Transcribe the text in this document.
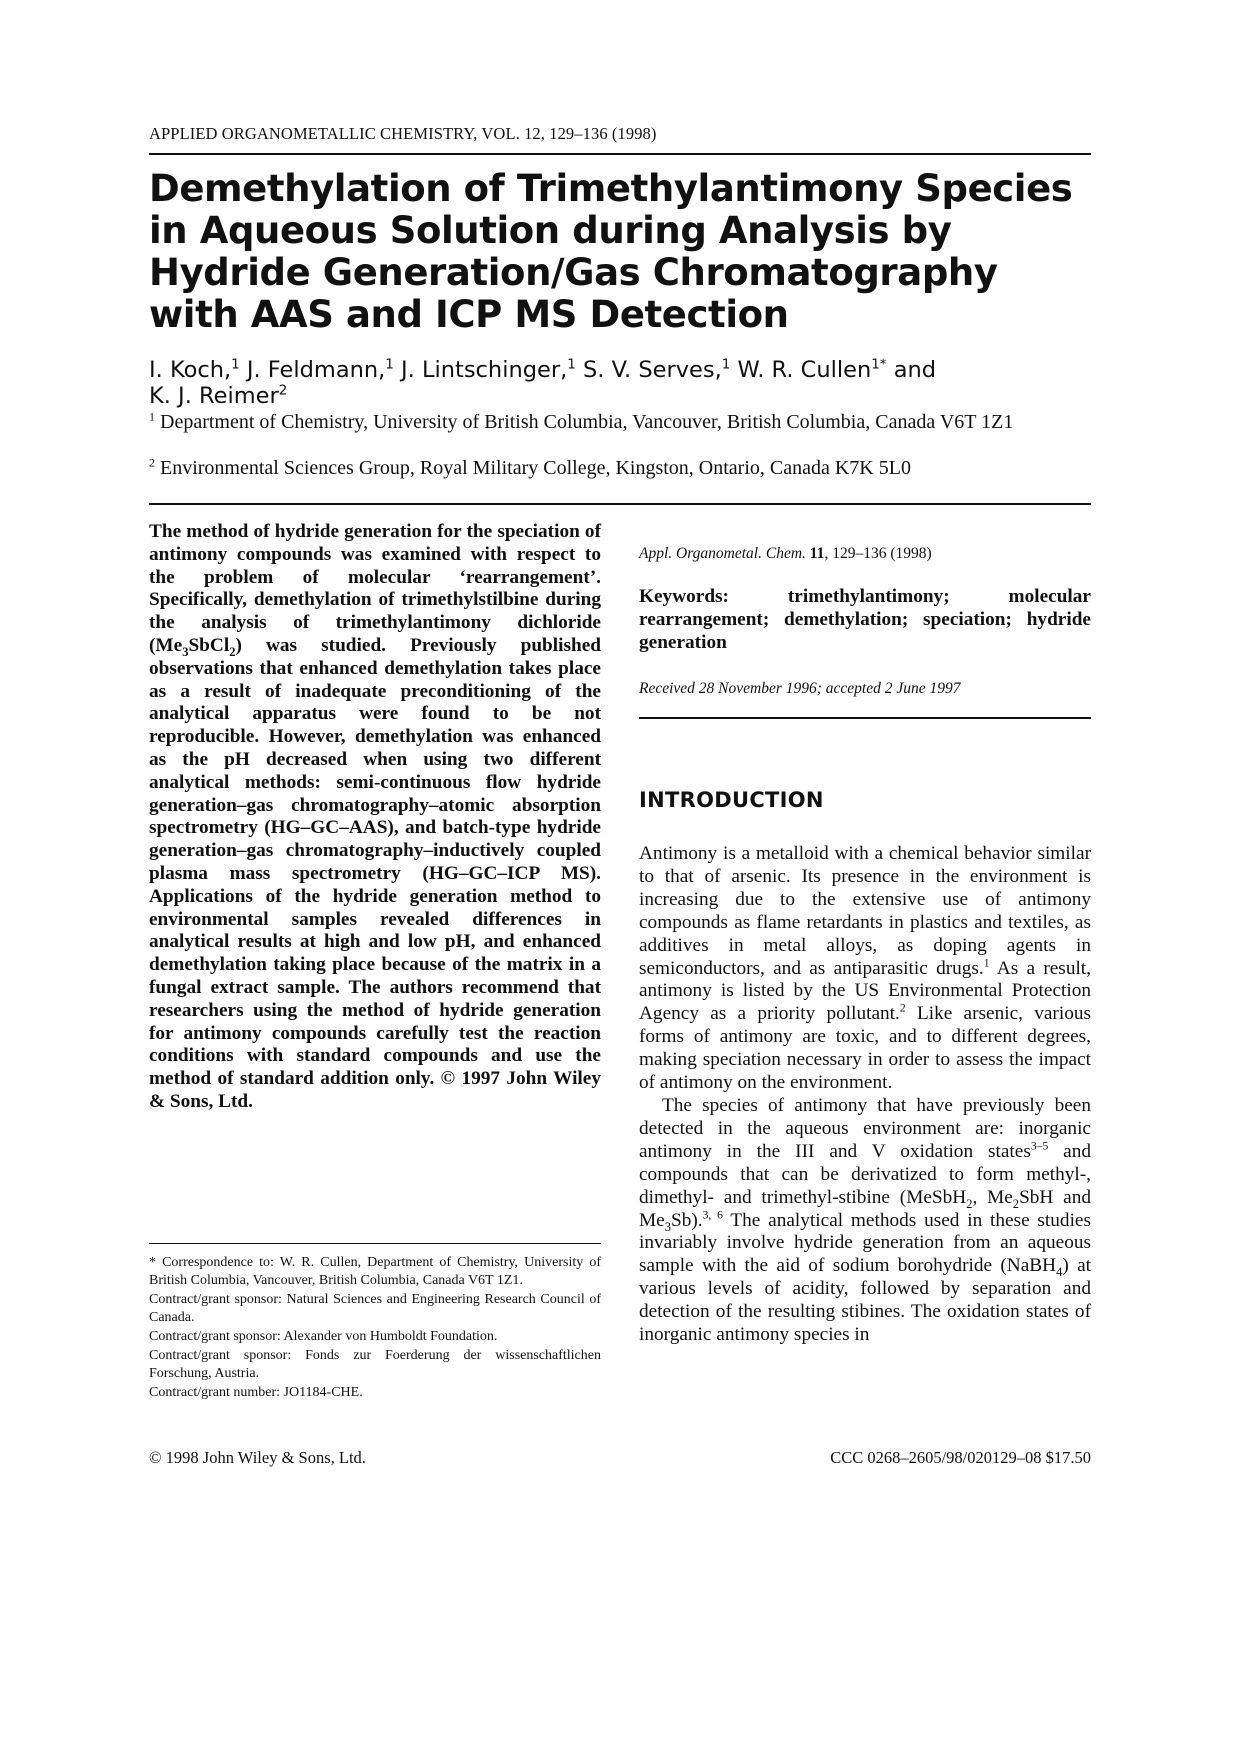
APPLIED ORGANOMETALLIC CHEMISTRY, VOL. 12, 129–136 (1998)
Demethylation of Trimethylantimony Species in Aqueous Solution during Analysis by Hydride Generation/Gas Chromatography with AAS and ICP MS Detection
I. Koch,$^1$ J. Feldmann,$^1$ J. Lintschinger,$^1$ S. V. Serves,$^1$ W. R. Cullen$^{1*}$ and
K. J. Reimer$^2$
$^1$ Department of Chemistry, University of British Columbia, Vancouver, British Columbia, Canada V6T 1Z1
$^2$ Environmental Sciences Group, Royal Military College, Kingston, Ontario, Canada K7K 5L0

The method of hydride generation for the speciation of antimony compounds was examined with respect to the problem of molecular ‘rearrangement’. Specifically, demethylation of trimethylstilbine during the analysis of trimethylantimony dichloride $(Me_3SbCl_2)$ was studied. Previously published observations that enhanced demethylation takes place as a result of inadequate preconditioning of the analytical apparatus were found to be not reproducible. However, demethylation was enhanced as the pH decreased when using two different analytical methods: semi-continuous flow hydride generation–gas chromatography–atomic absorption spectrometry (HG–GC–AAS), and batch-type hydride generation–gas chromatography–inductively coupled plasma mass spectrometry (HG–GC–ICP MS). Applications of the hydride generation method to environmental samples revealed differences in analytical results at high and low pH, and enhanced demethylation taking place because of the matrix in a fungal extract sample. The authors recommend that researchers using the method of hydride generation for antimony compounds carefully test the reaction conditions with standard compounds and use the method of standard addition only. © 1997 John Wiley & Sons, Ltd.

* Correspondence to: W. R. Cullen, Department of Chemistry, University of British Columbia, Vancouver, British Columbia, Canada V6T 1Z1.

Contract/grant sponsor: Natural Sciences and Engineering Research Council of Canada.

Contract/grant sponsor: Alexander von Humboldt Foundation.

Contract/grant sponsor: Fonds zur Foerderung der wissenschaftlichen Forschung, Austria.

Contract/grant number: JO1184-CHE.

© 1998 John Wiley & Sons, Ltd.	CCC 0268–2605/98/020129–08 $17.50
Appl. Organometal. Chem. 11, 129–136 (1998)
Keywords: trimethylantimony; molecular rearrangement; demethylation; speciation; hydride generation
Received 28 November 1996; accepted 2 June 1997
INTRODUCTION

Antimony is a metalloid with a chemical behavior similar to that of arsenic. Its presence in the environment is increasing due to the extensive use of antimony compounds as flame retardants in plastics and textiles, as additives in metal alloys, as doping agents in semiconductors, and as antiparasitic drugs.$^1$ As a result, antimony is listed by the US Environmental Protection Agency as a priority pollutant.$^2$ Like arsenic, various forms of antimony are toxic, and to different degrees, making speciation necessary in order to assess the impact of antimony on the environment.

The species of antimony that have previously been detected in the aqueous environment are: inorganic antimony in the III and V oxidation states$^{3-5}$ and compounds that can be derivatized to form methyl-, dimethyl- and trimethyl-stibine (MeSbH$_2$, $Me_2SbH$ and $Me_3Sb).^{3, 6}$ The analytical methods used in these studies invariably involve hydride generation from an aqueous sample with the aid of sodium borohydride (NaBH$_4$) at various levels of acidity, followed by separation and detection of the resulting stibines. The oxidation states of inorganic antimony species in
